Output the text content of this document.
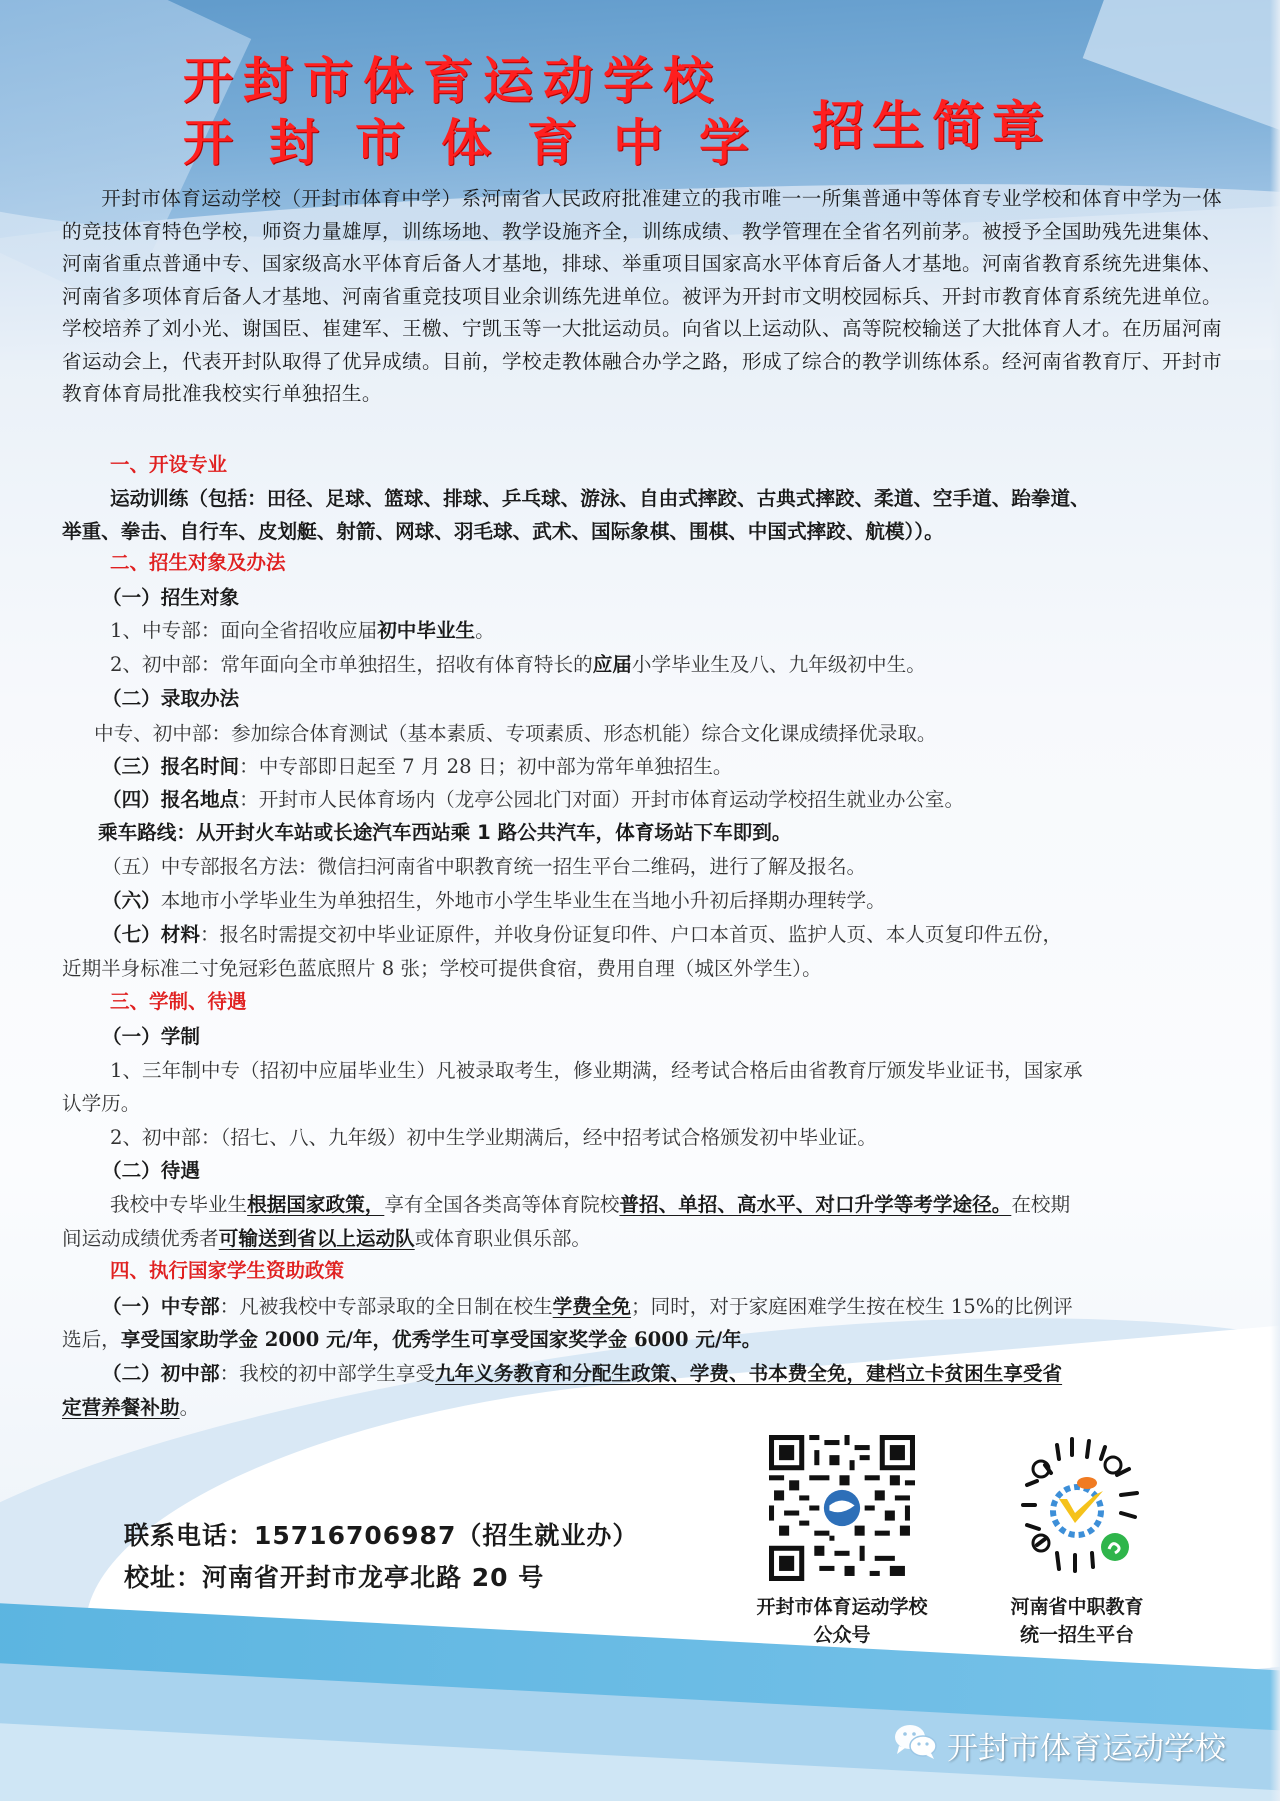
开封市体育运动学校
开封市体育中学 招生简章

开封市体育运动学校（开封市体育中学）系河南省人民政府批准建立的我市唯一一所集普通中等体育专业学校和体育中学为一体的竞技体育特色学校，师资力量雄厚，训练场地、教学设施齐全，训练成绩、教学管理在全省名列前茅。被授予全国助残先进集体、河南省重点普通中专、国家级高水平体育后备人才基地，排球、举重项目国家高水平体育后备人才基地。河南省教育系统先进集体、河南省多项体育后备人才基地、河南省重竞技项目业余训练先进单位。被评为开封市文明校园标兵、开封市教育体育系统先进单位。学校培养了刘小光、谢国臣、崔建军、王檄、宁凯玉等一大批运动员。向省以上运动队、高等院校输送了大批体育人才。在历届河南省运动会上，代表开封队取得了优异成绩。目前，学校走教体融合办学之路，形成了综合的教学训练体系。经河南省教育厅、开封市教育体育局批准我校实行单独招生。

一、开设专业
运动训练（包括：田径、足球、篮球、排球、乒乓球、游泳、自由式摔跤、古典式摔跤、柔道、空手道、跆拳道、
举重、拳击、自行车、皮划艇、射箭、网球、羽毛球、武术、国际象棋、围棋、中国式摔跤、航模））。
二、招生对象及办法
（一）招生对象
1、中专部：面向全省招收应届初中毕业生。
2、初中部：常年面向全市单独招生，招收有体育特长的应届小学毕业生及八、九年级初中生。
（二）录取办法
中专、初中部：参加综合体育测试（基本素质、专项素质、形态机能）综合文化课成绩择优录取。
（三）报名时间：中专部即日起至 7 月 28 日；初中部为常年单独招生。
（四）报名地点：开封市人民体育场内（龙亭公园北门对面）开封市体育运动学校招生就业办公室。
乘车路线：从开封火车站或长途汽车西站乘 1 路公共汽车，体育场站下车即到。
（五）中专部报名方法：微信扫河南省中职教育统一招生平台二维码，进行了解及报名。
（六）本地市小学毕业生为单独招生，外地市小学生毕业生在当地小升初后择期办理转学。
（七）材料：报名时需提交初中毕业证原件，并收身份证复印件、户口本首页、监护人页、本人页复印件五份，
近期半身标准二寸免冠彩色蓝底照片 8 张；学校可提供食宿，费用自理（城区外学生）。
三、学制、待遇
（一）学制
1、三年制中专（招初中应届毕业生）凡被录取考生，修业期满，经考试合格后由省教育厅颁发毕业证书，国家承
认学历。
2、初中部：（招七、八、九年级）初中生学业期满后，经中招考试合格颁发初中毕业证。
（二）待遇
我校中专毕业生根据国家政策，享有全国各类高等体育院校普招、单招、高水平、对口升学等考学途径。在校期
间运动成绩优秀者可输送到省以上运动队或体育职业俱乐部。
四、执行国家学生资助政策
（一）中专部：凡被我校中专部录取的全日制在校生学费全免；同时，对于家庭困难学生按在校生 15%的比例评
选后，享受国家助学金 2000 元/年，优秀学生可享受国家奖学金 6000 元/年。
（二）初中部：我校的初中部学生享受九年义务教育和分配生政策、学费、书本费全免，建档立卡贫困生享受省
定营养餐补助。
联系电话：15716706987（招生就业办）
校址：河南省开封市龙亭北路 20 号
开封市体育运动学校
公众号
河南省中职教育
统一招生平台
开封市体育运动学校
